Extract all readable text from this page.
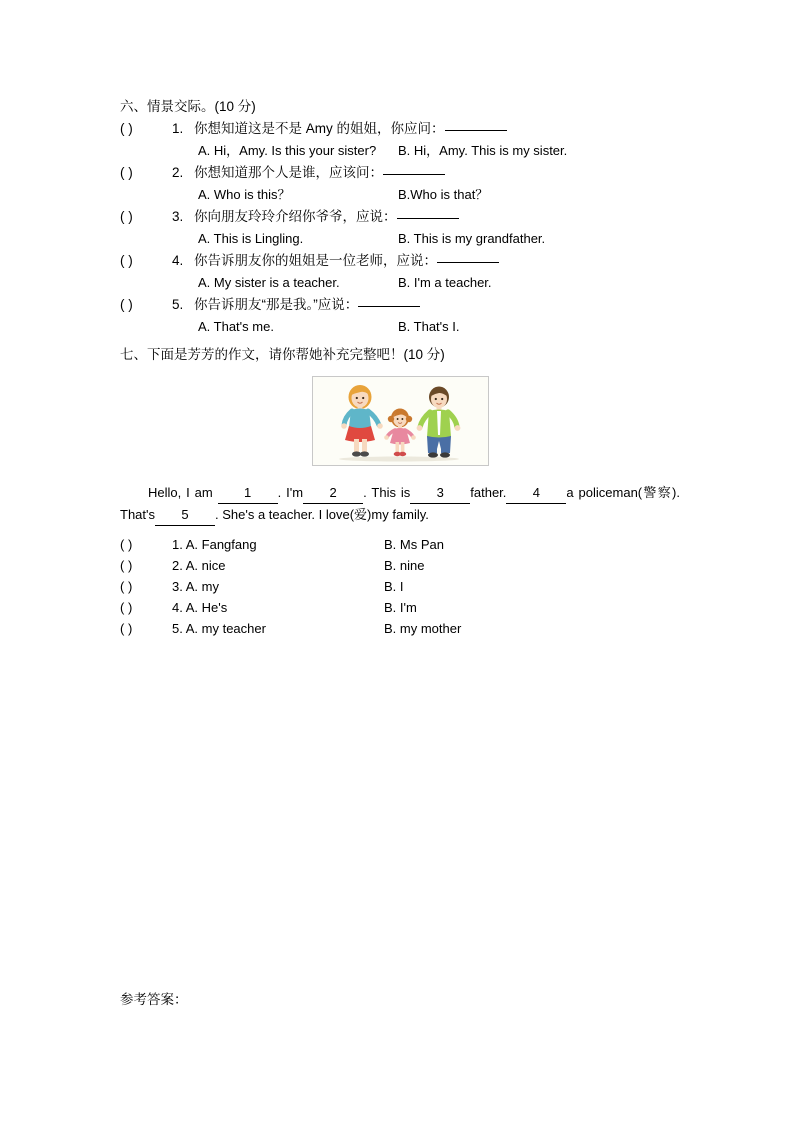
六、情景交际。(10 分)
( )	1. 你想知道这是不是 Amy 的姐姐，你应问：
A. Hi，Amy. Is this your sister? B. Hi，Amy. This is my sister.
( )	2. 你想知道那个人是谁，应该问：
A. Who is this？	B.Who is that？
( )	3. 你向朋友玲玲介绍你爷爷，应说：
A. This is Lingling.	B. This is my grandfather.
( )	4. 你告诉朋友你的姐姐是一位老师，应说：
A. My sister is a teacher.	B. I'm a teacher.
( )	5. 你告诉朋友“那是我。”应说：
A. That's me.	B. That's I.
七、下面是芳芳的作文，请你帮她补充完整吧！(10 分)
Hello, I am 1 . I'm 2 . This is 3 father. 4 a policeman(警察). That's 5 . She's a teacher. I love(爱)my family.
( )	1. A. Fangfang	B. Ms Pan
( )	2. A. nice	B. nine
( )	3. A. my	B. I
( )	4. A. He's	B. I'm
( )	5. A. my teacher	B. my mother
参考答案：
